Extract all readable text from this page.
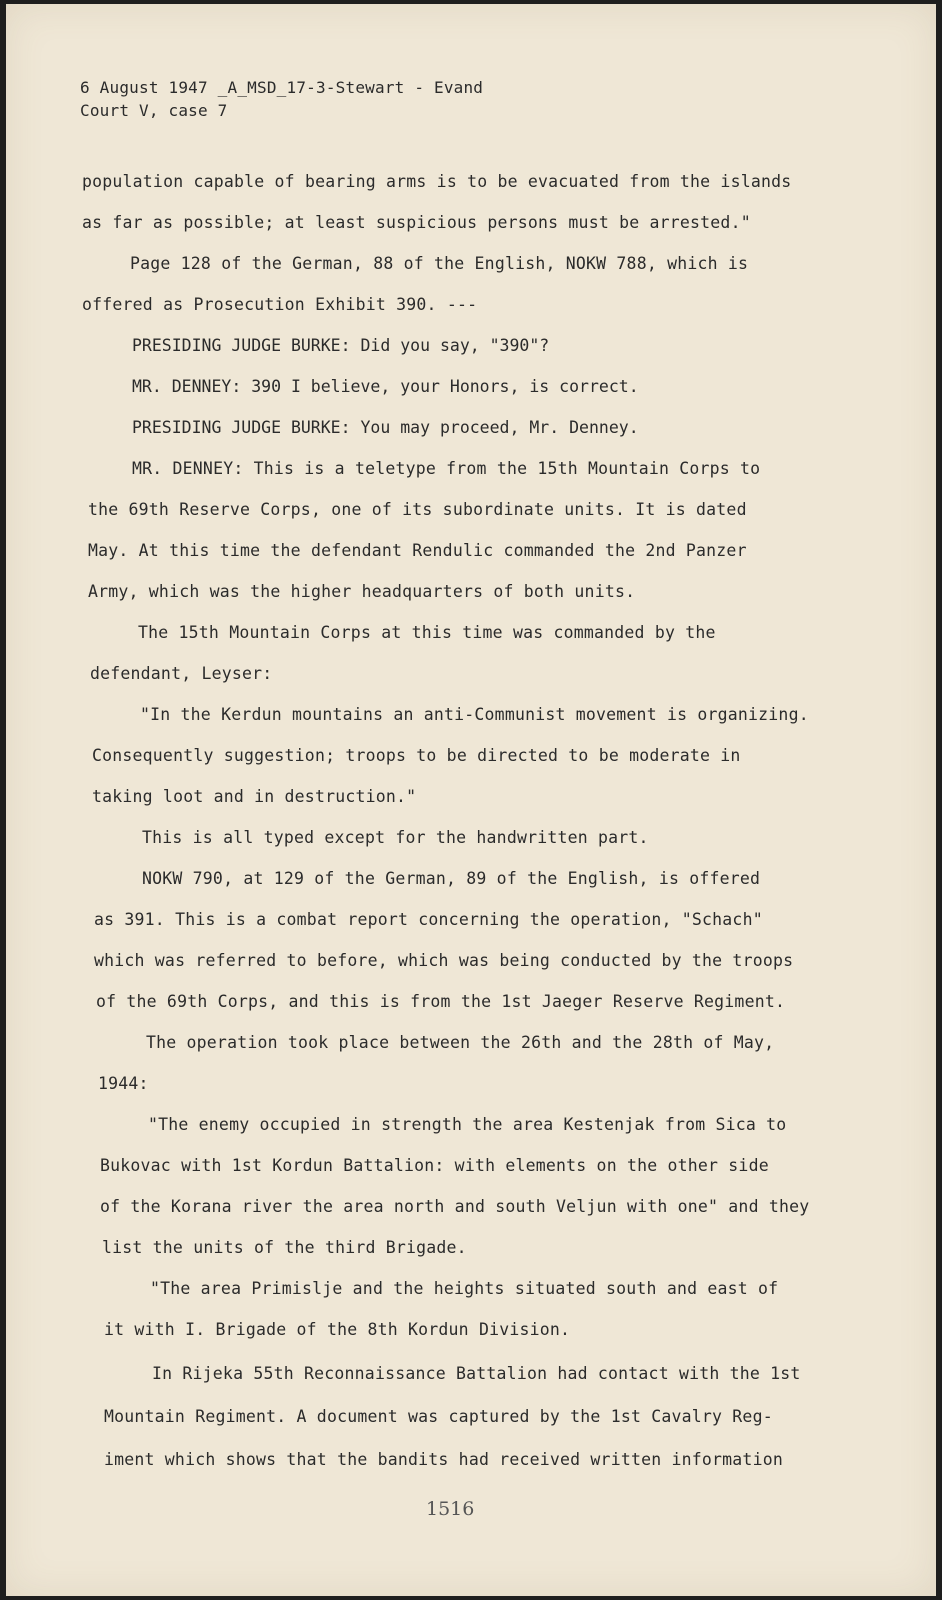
6 August 1947 _A_MSD_17-3-Stewart - Evand
Court V, case 7
population capable of bearing arms is to be evacuated from the islands
as far as possible; at least suspicious persons must be arrested."
Page 128 of the German, 88 of the English, NOKW 788, which is
offered as Prosecution Exhibit 390. ---
PRESIDING JUDGE BURKE: Did you say, "390"?
MR. DENNEY: 390 I believe, your Honors, is correct.
PRESIDING JUDGE BURKE: You may proceed, Mr. Denney.
MR. DENNEY: This is a teletype from the 15th Mountain Corps to
the 69th Reserve Corps, one of its subordinate units. It is dated
May. At this time the defendant Rendulic commanded the 2nd Panzer
Army, which was the higher headquarters of both units.
The 15th Mountain Corps at this time was commanded by the
defendant, Leyser:
"In the Kerdun mountains an anti-Communist movement is organizing.
Consequently suggestion; troops to be directed to be moderate in
taking loot and in destruction."
This is all typed except for the handwritten part.
NOKW 790, at 129 of the German, 89 of the English, is offered
as 391. This is a combat report concerning the operation, "Schach"
which was referred to before, which was being conducted by the troops
of the 69th Corps, and this is from the 1st Jaeger Reserve Regiment.
The operation took place between the 26th and the 28th of May,
1944:
"The enemy occupied in strength the area Kestenjak from Sica to
Bukovac with 1st Kordun Battalion: with elements on the other side
of the Korana river the area north and south Veljun with one" and they
list the units of the third Brigade.
"The area Primislje and the heights situated south and east of
it with I. Brigade of the 8th Kordun Division.
In Rijeka 55th Reconnaissance Battalion had contact with the 1st
Mountain Regiment. A document was captured by the 1st Cavalry Reg-
iment which shows that the bandits had received written information
1516
